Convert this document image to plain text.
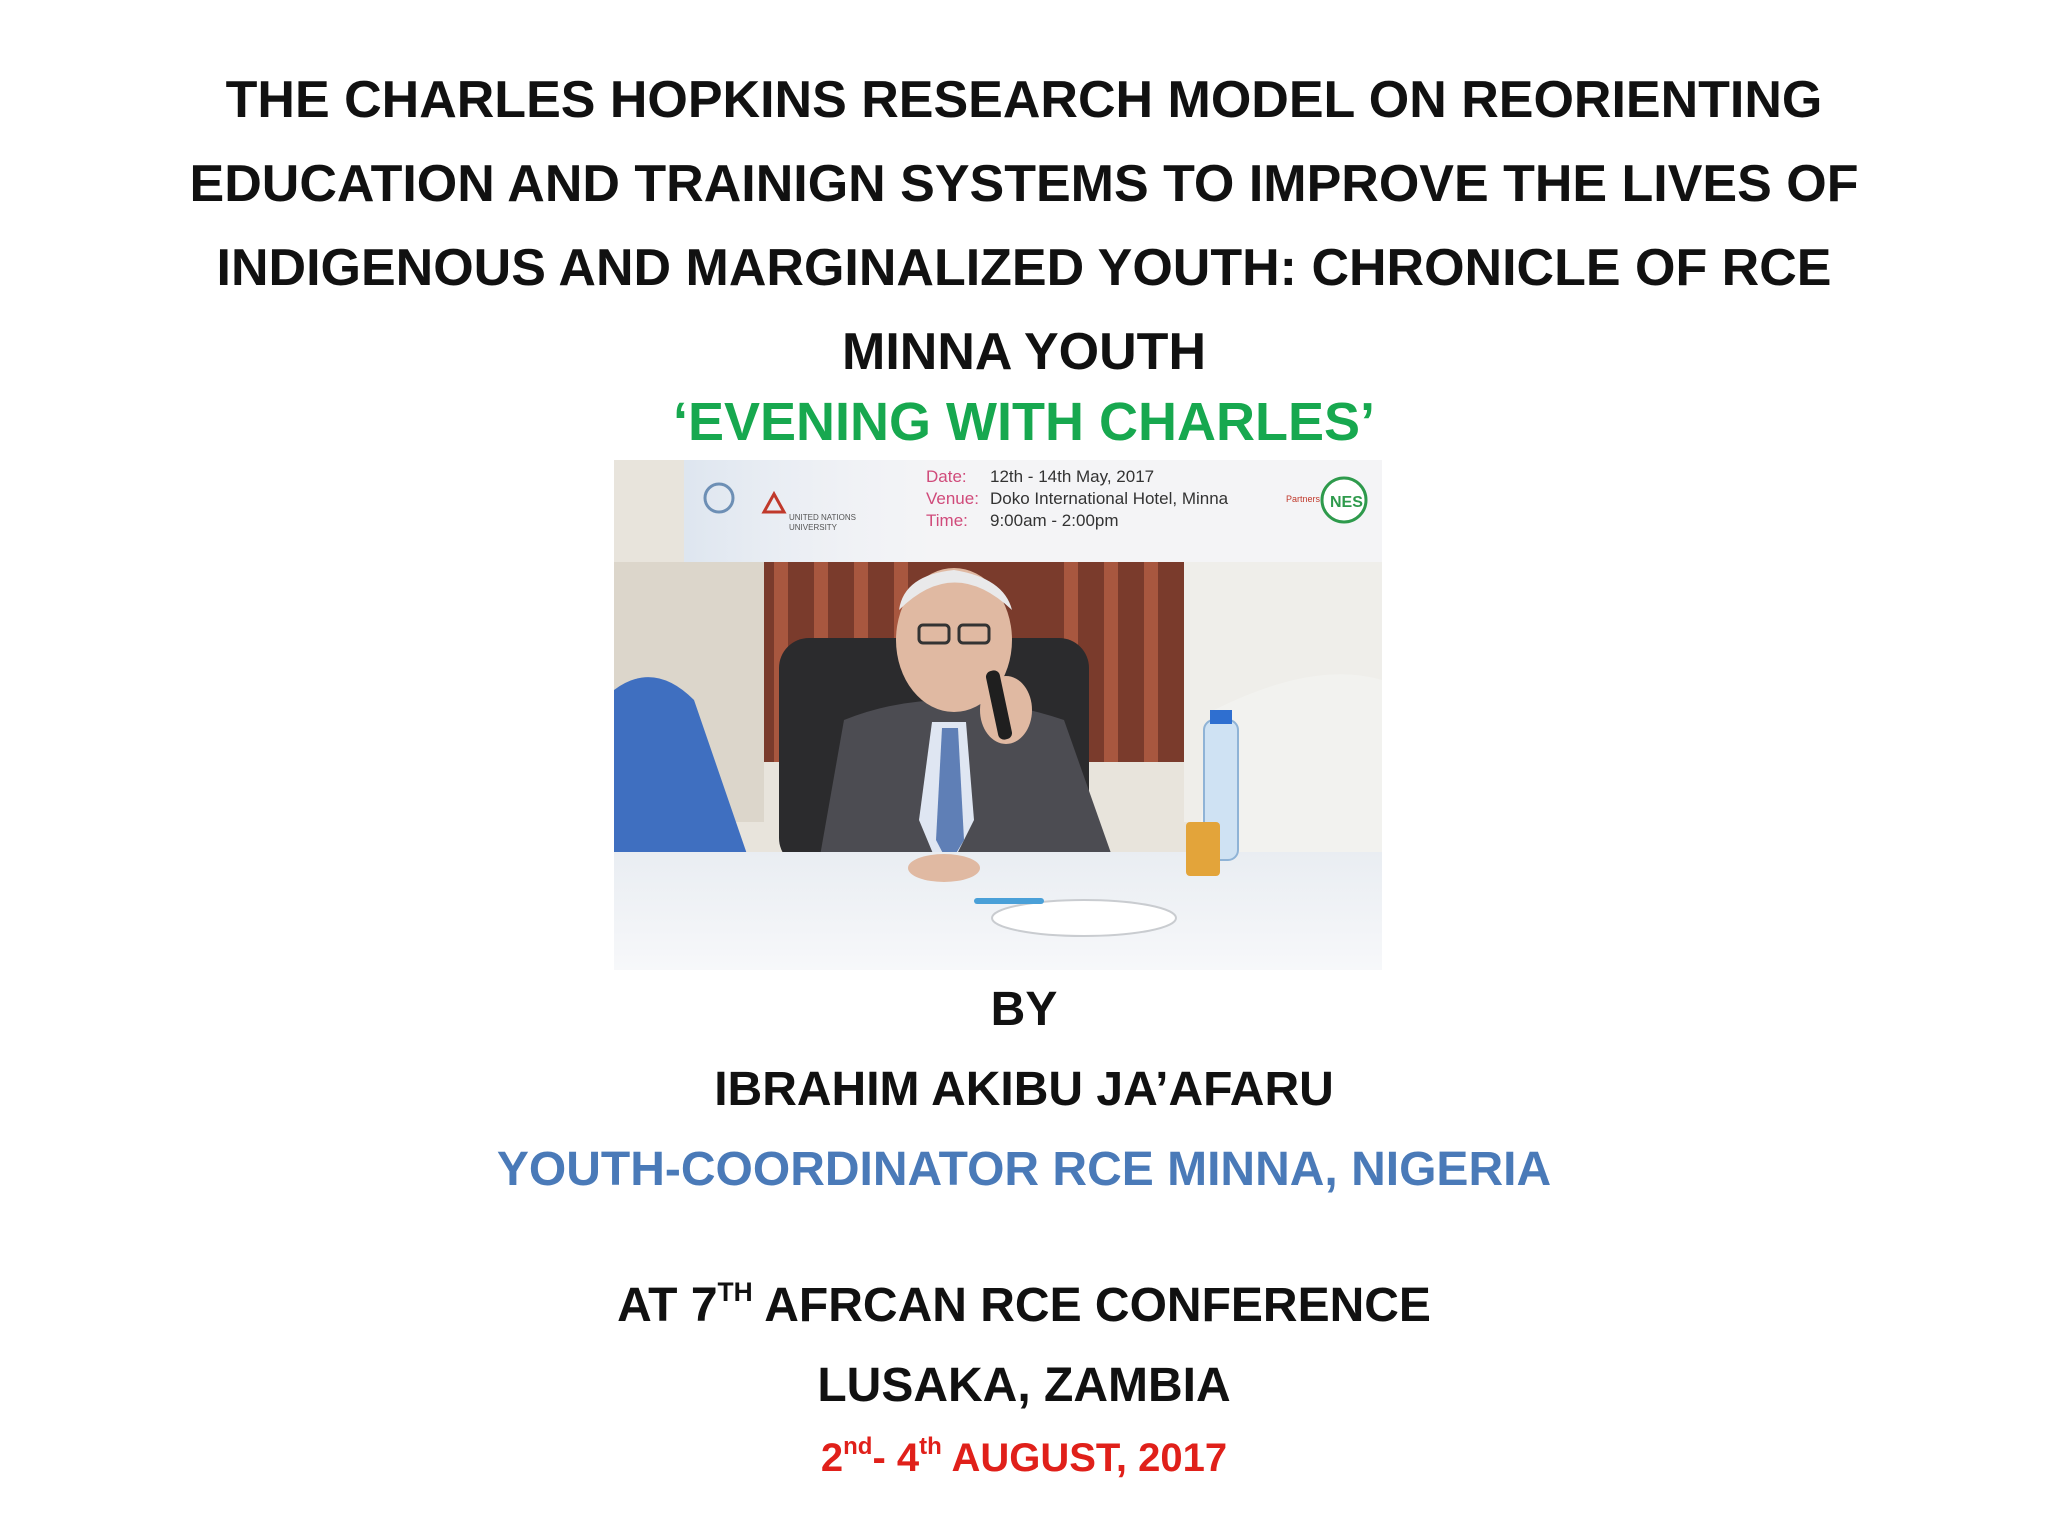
THE CHARLES HOPKINS RESEARCH MODEL ON REORIENTING
EDUCATION AND TRAINIGN SYSTEMS TO IMPROVE THE LIVES OF
INDIGENOUS AND MARGINALIZED YOUTH: CHRONICLE OF RCE
MINNA YOUTH
‘EVENING WITH CHARLES’
UNITED NATIONS
UNIVERSITY
Date: 12th - 14th May, 2017
Venue: Doko International Hotel, Minna
Time: 9:00am - 2:00pm
Partners NES
BY
IBRAHIM AKIBU JA’AFARU
YOUTH-COORDINATOR RCE MINNA, NIGERIA
AT 7TH AFRCAN RCE CONFERENCE
LUSAKA, ZAMBIA
2nd- 4th AUGUST, 2017
